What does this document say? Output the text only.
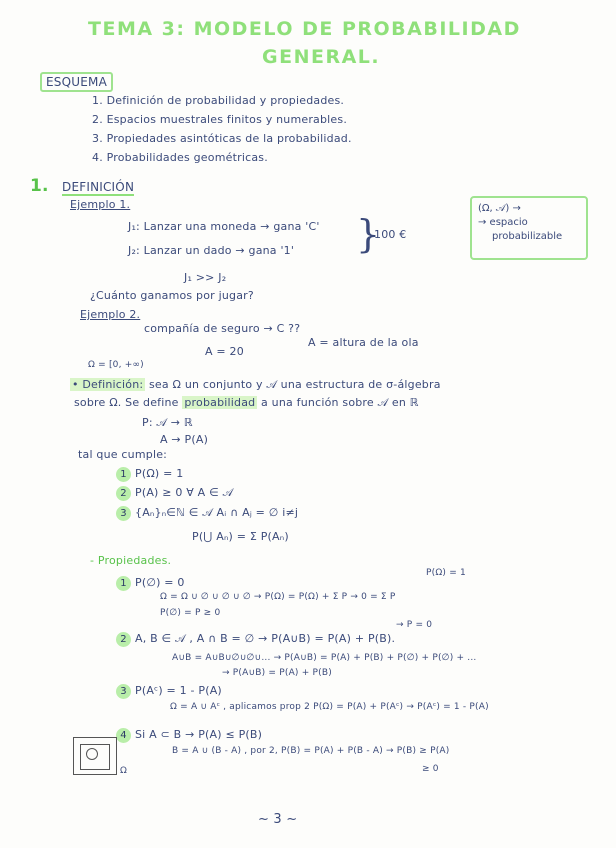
TEMA 3: MODELO DE PROBABILIDAD
GENERAL.
ESQUEMA
1. Definición de probabilidad y propiedades.
2. Espacios muestrales finitos y numerables.
3. Propiedades asintóticas de la probabilidad.
4. Probabilidades geométricas.
1. DEFINICIÓN
Ejemplo 1.
J₁: Lanzar una moneda → gana 'C'
J₂: Lanzar un dado → gana '1' }
100 €
(Ω, 𝒜) →
→ espacio
probabilizable
J₁ >> J₂
¿Cuánto ganamos por jugar?
Ejemplo 2.
compañía de seguro → C ??
A = 20
A = altura de la ola
Ω = [0, +∞)
• Definición: sea Ω un conjunto y 𝒜 una estructura de σ-álgebra
sobre Ω. Se define probabilidad a una función sobre 𝒜 en ℝ
P: 𝒜 → ℝ
A → P(A)
tal que cumple:
1 P(Ω) = 1
2 P(A) ≥ 0 ∀ A ∈ 𝒜
3 {Aₙ}ₙ∈ℕ ∈ 𝒜 Aᵢ ∩ Aⱼ = ∅ i≠j
P(⋃ Aₙ) = Σ P(Aₙ)
- Propiedades.
P(Ω) = 1
1 P(∅) = 0
Ω = Ω ∪ ∅ ∪ ∅ ∪ ∅ → P(Ω) = P(Ω) + Σ P → 0 = Σ P
P(∅) = P ≥ 0
→ P = 0
2 A, B ∈ 𝒜 , A ∩ B = ∅ → P(A∪B) = P(A) + P(B).
A∪B = A∪B∪∅∪∅∪... → P(A∪B) = P(A) + P(B) + P(∅) + P(∅) + ...
→ P(A∪B) = P(A) + P(B)
3 P(Aᶜ) = 1 - P(A)
Ω = A ∪ Aᶜ , aplicamos prop 2 P(Ω) = P(A) + P(Aᶜ) → P(Aᶜ) = 1 - P(A)
4 Si A ⊂ B → P(A) ≤ P(B)
B = A ∪ (B - A) , por 2, P(B) = P(A) + P(B - A) → P(B) ≥ P(A)
≥ 0
Ω
~ 3 ~
